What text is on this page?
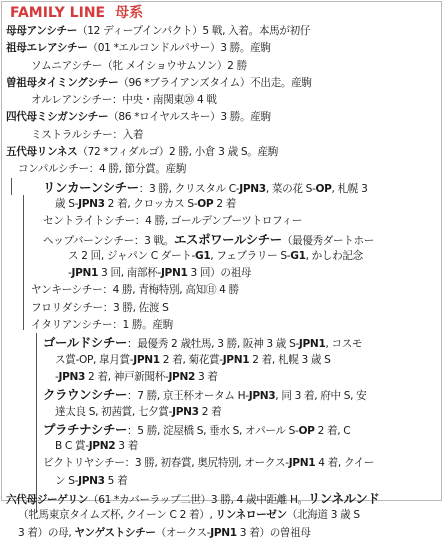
FAMILY LINE 母系
母母アンシチー（12 ディープインパクト）5 戦, 入着。本馬が初仔
祖母エレアシチー（01 *エルコンドルパサー）3 勝。産駒
ソムニアシチー（牝 メイショウサムソン）2 勝
曽祖母タイミングシチー（96 *ブライアンズタイム）不出走。産駒
オルレアンシチー：中央・南関東⑳ 4 戦
四代母ミシガンシチー（86 *ロイヤルスキー）3 勝。産駒
ミストラルシチー：入着
五代母リンネス（72 *フィダルゴ）2 勝, 小倉 3 歳 S。産駒
コンパルシチー：4 勝, 節分賞。産駒
リンカーンシチー：3 勝, クリスタル C-JPN3, 菜の花 S-OP, 札幌 3
歳 S-JPN3 2 着, クロッカス S-OP 2 着
セントライトシチー：4 勝, ゴールデンブーツトロフィー
ヘップバーンシチー：3 戦。エスポワールシチー（最優秀ダートホー
ス 2 回, ジャパン C ダート-G1, フェブラリー S-G1, かしわ記念
-JPN1 3 回, 南部杯-JPN1 3 回）の祖母
ヤンキーシチー：4 勝, 青梅特別, 高知㊐ 4 勝
フロリダシチー：3 勝, 佐渡 S
イタリアンシチー：1 勝。産駒
ゴールドシチー：最優秀 2 歳牡馬, 3 勝, 阪神 3 歳 S-JPN1, コスモ
ス賞-OP, 皐月賞-JPN1 2 着, 菊花賞-JPN1 2 着, 札幌 3 歳 S
-JPN3 2 着, 神戸新聞杯-JPN2 3 着
クラウンシチー：7 勝, 京王杯オータム H-JPN3, 同 3 着, 府中 S, 安
達太良 S, 初茜賞, 七夕賞-JPN3 2 着
プラチナシチー：5 勝, 淀屋橋 S, 垂水 S, オパール S-OP 2 着, C
B C 賞-JPN2 3 着
ビクトリヤシチー：3 勝, 初春賞, 奥尻特別, オークス-JPN1 4 着, クイー
ン S-JPN3 5 着
六代母ジーゲリン（61 *カバーラップ二世）3 勝, 4 歳中距離 H。リンネルンド
（牝馬東京タイムズ杯, クイーン C 2 着）, リンネローゼン（北海道 3 歳 S
3 着）の母, ヤンゲストシチー（オークス-JPN1 3 着）の曽祖母
